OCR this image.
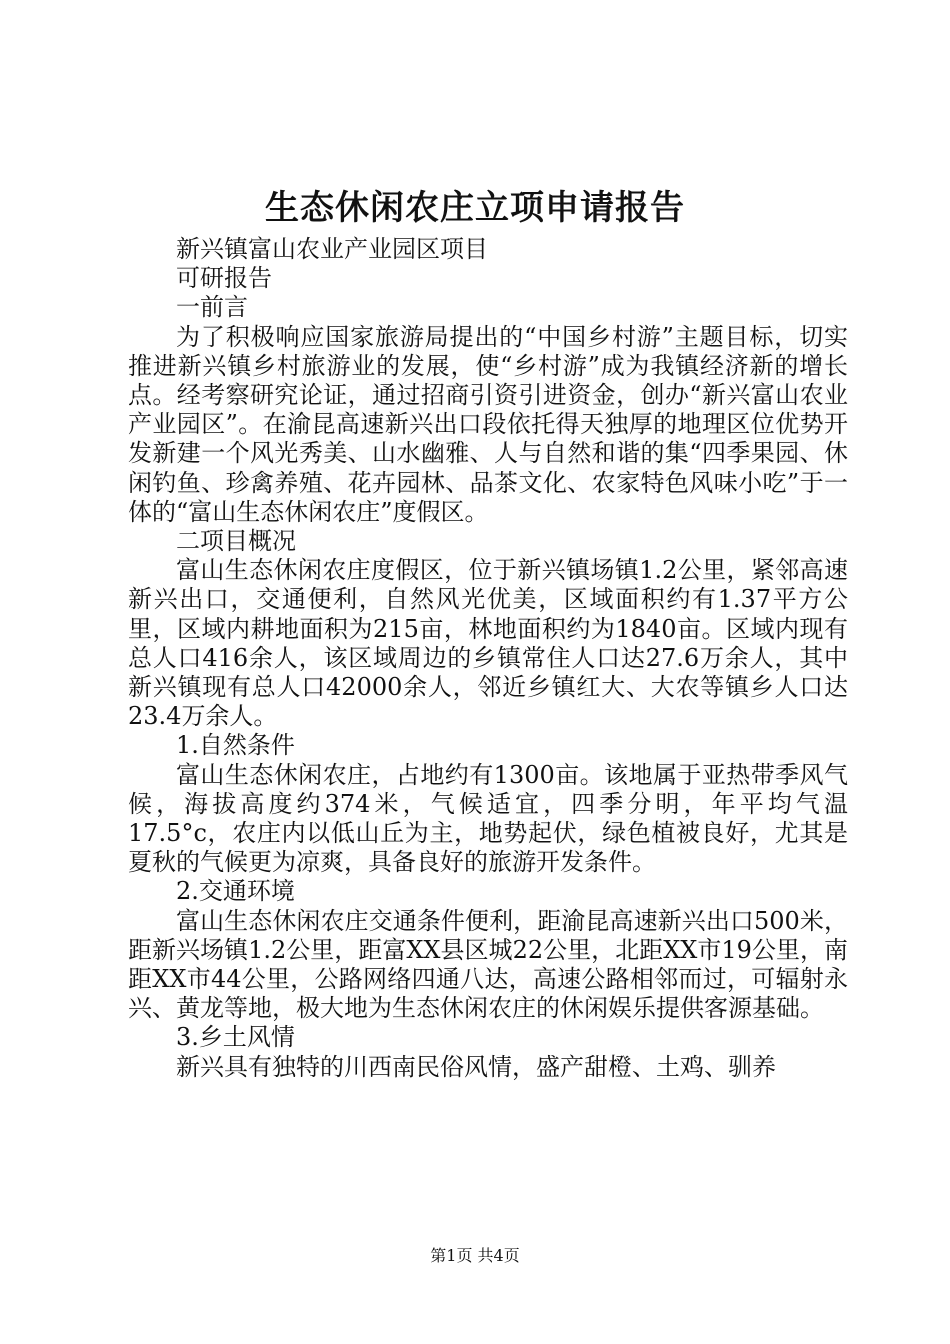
生态休闲农庄立项申请报告

新兴镇富山农业产业园区项目

可研报告

一前言

为了积极响应国家旅游局提出的“中国乡村游”主题目标，切实推进新兴镇乡村旅游业的发展，使“乡村游”成为我镇经济新的增长点。经考察研究论证，通过招商引资引进资金，创办“新兴富山农业产业园区”。在渝昆高速新兴出口段依托得天独厚的地理区位优势开发新建一个风光秀美、山水幽雅、人与自然和谐的集“四季果园、休闲钓鱼、珍禽养殖、花卉园林、品茶文化、农家特色风味小吃”于一体的“富山生态休闲农庄”度假区。

二项目概况

富山生态休闲农庄度假区，位于新兴镇场镇1.2公里，紧邻高速新兴出口，交通便利，自然风光优美，区域面积约有1.37平方公里，区域内耕地面积为215亩，林地面积约为1840亩。区域内现有总人口416余人，该区域周边的乡镇常住人口达27.6万余人，其中新兴镇现有总人口42000余人，邻近乡镇红大、大农等镇乡人口达23.4万余人。

1.自然条件

富山生态休闲农庄，占地约有1300亩。该地属于亚热带季风气候，海拔高度约374米，气候适宜，四季分明，年平均气温17.5°c，农庄内以低山丘为主，地势起伏，绿色植被良好，尤其是夏秋的气候更为凉爽，具备良好的旅游开发条件。

2.交通环境

富山生态休闲农庄交通条件便利，距渝昆高速新兴出口500米，距新兴场镇1.2公里，距富XX县区城22公里，北距XX市19公里，南距XX市44公里，公路网络四通八达，高速公路相邻而过，可辐射永兴、黄龙等地，极大地为生态休闲农庄的休闲娱乐提供客源基础。

3.乡土风情

新兴具有独特的川西南民俗风情，盛产甜橙、土鸡、驯养

第1页 共4页
